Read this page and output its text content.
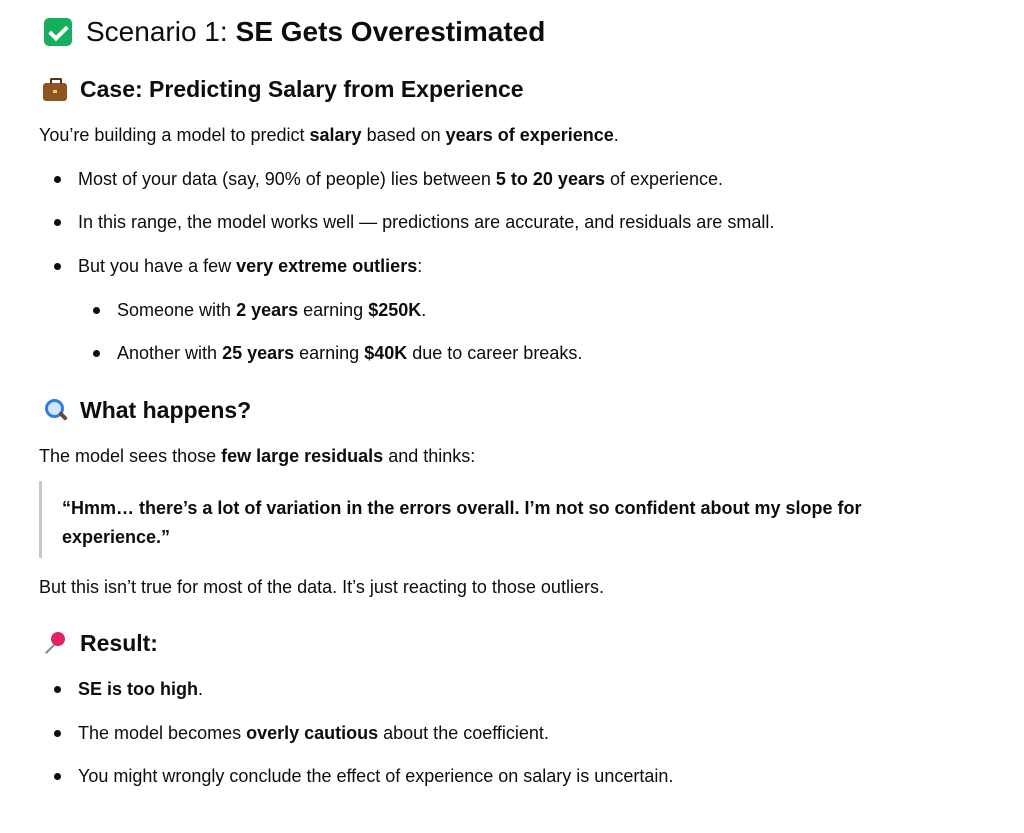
Scenario 1: SE Gets Overestimated
Case: Predicting Salary from Experience
You’re building a model to predict salary based on years of experience.
Most of your data (say, 90% of people) lies between 5 to 20 years of experience.
In this range, the model works well — predictions are accurate, and residuals are small.
But you have a few very extreme outliers:
Someone with 2 years earning $250K.
Another with 25 years earning $40K due to career breaks.
What happens?
The model sees those few large residuals and thinks:
“Hmm… there’s a lot of variation in the errors overall. I’m not so confident about my slope for experience.”
But this isn’t true for most of the data. It’s just reacting to those outliers.
Result:
SE is too high.
The model becomes overly cautious about the coefficient.
You might wrongly conclude the effect of experience on salary is uncertain.
